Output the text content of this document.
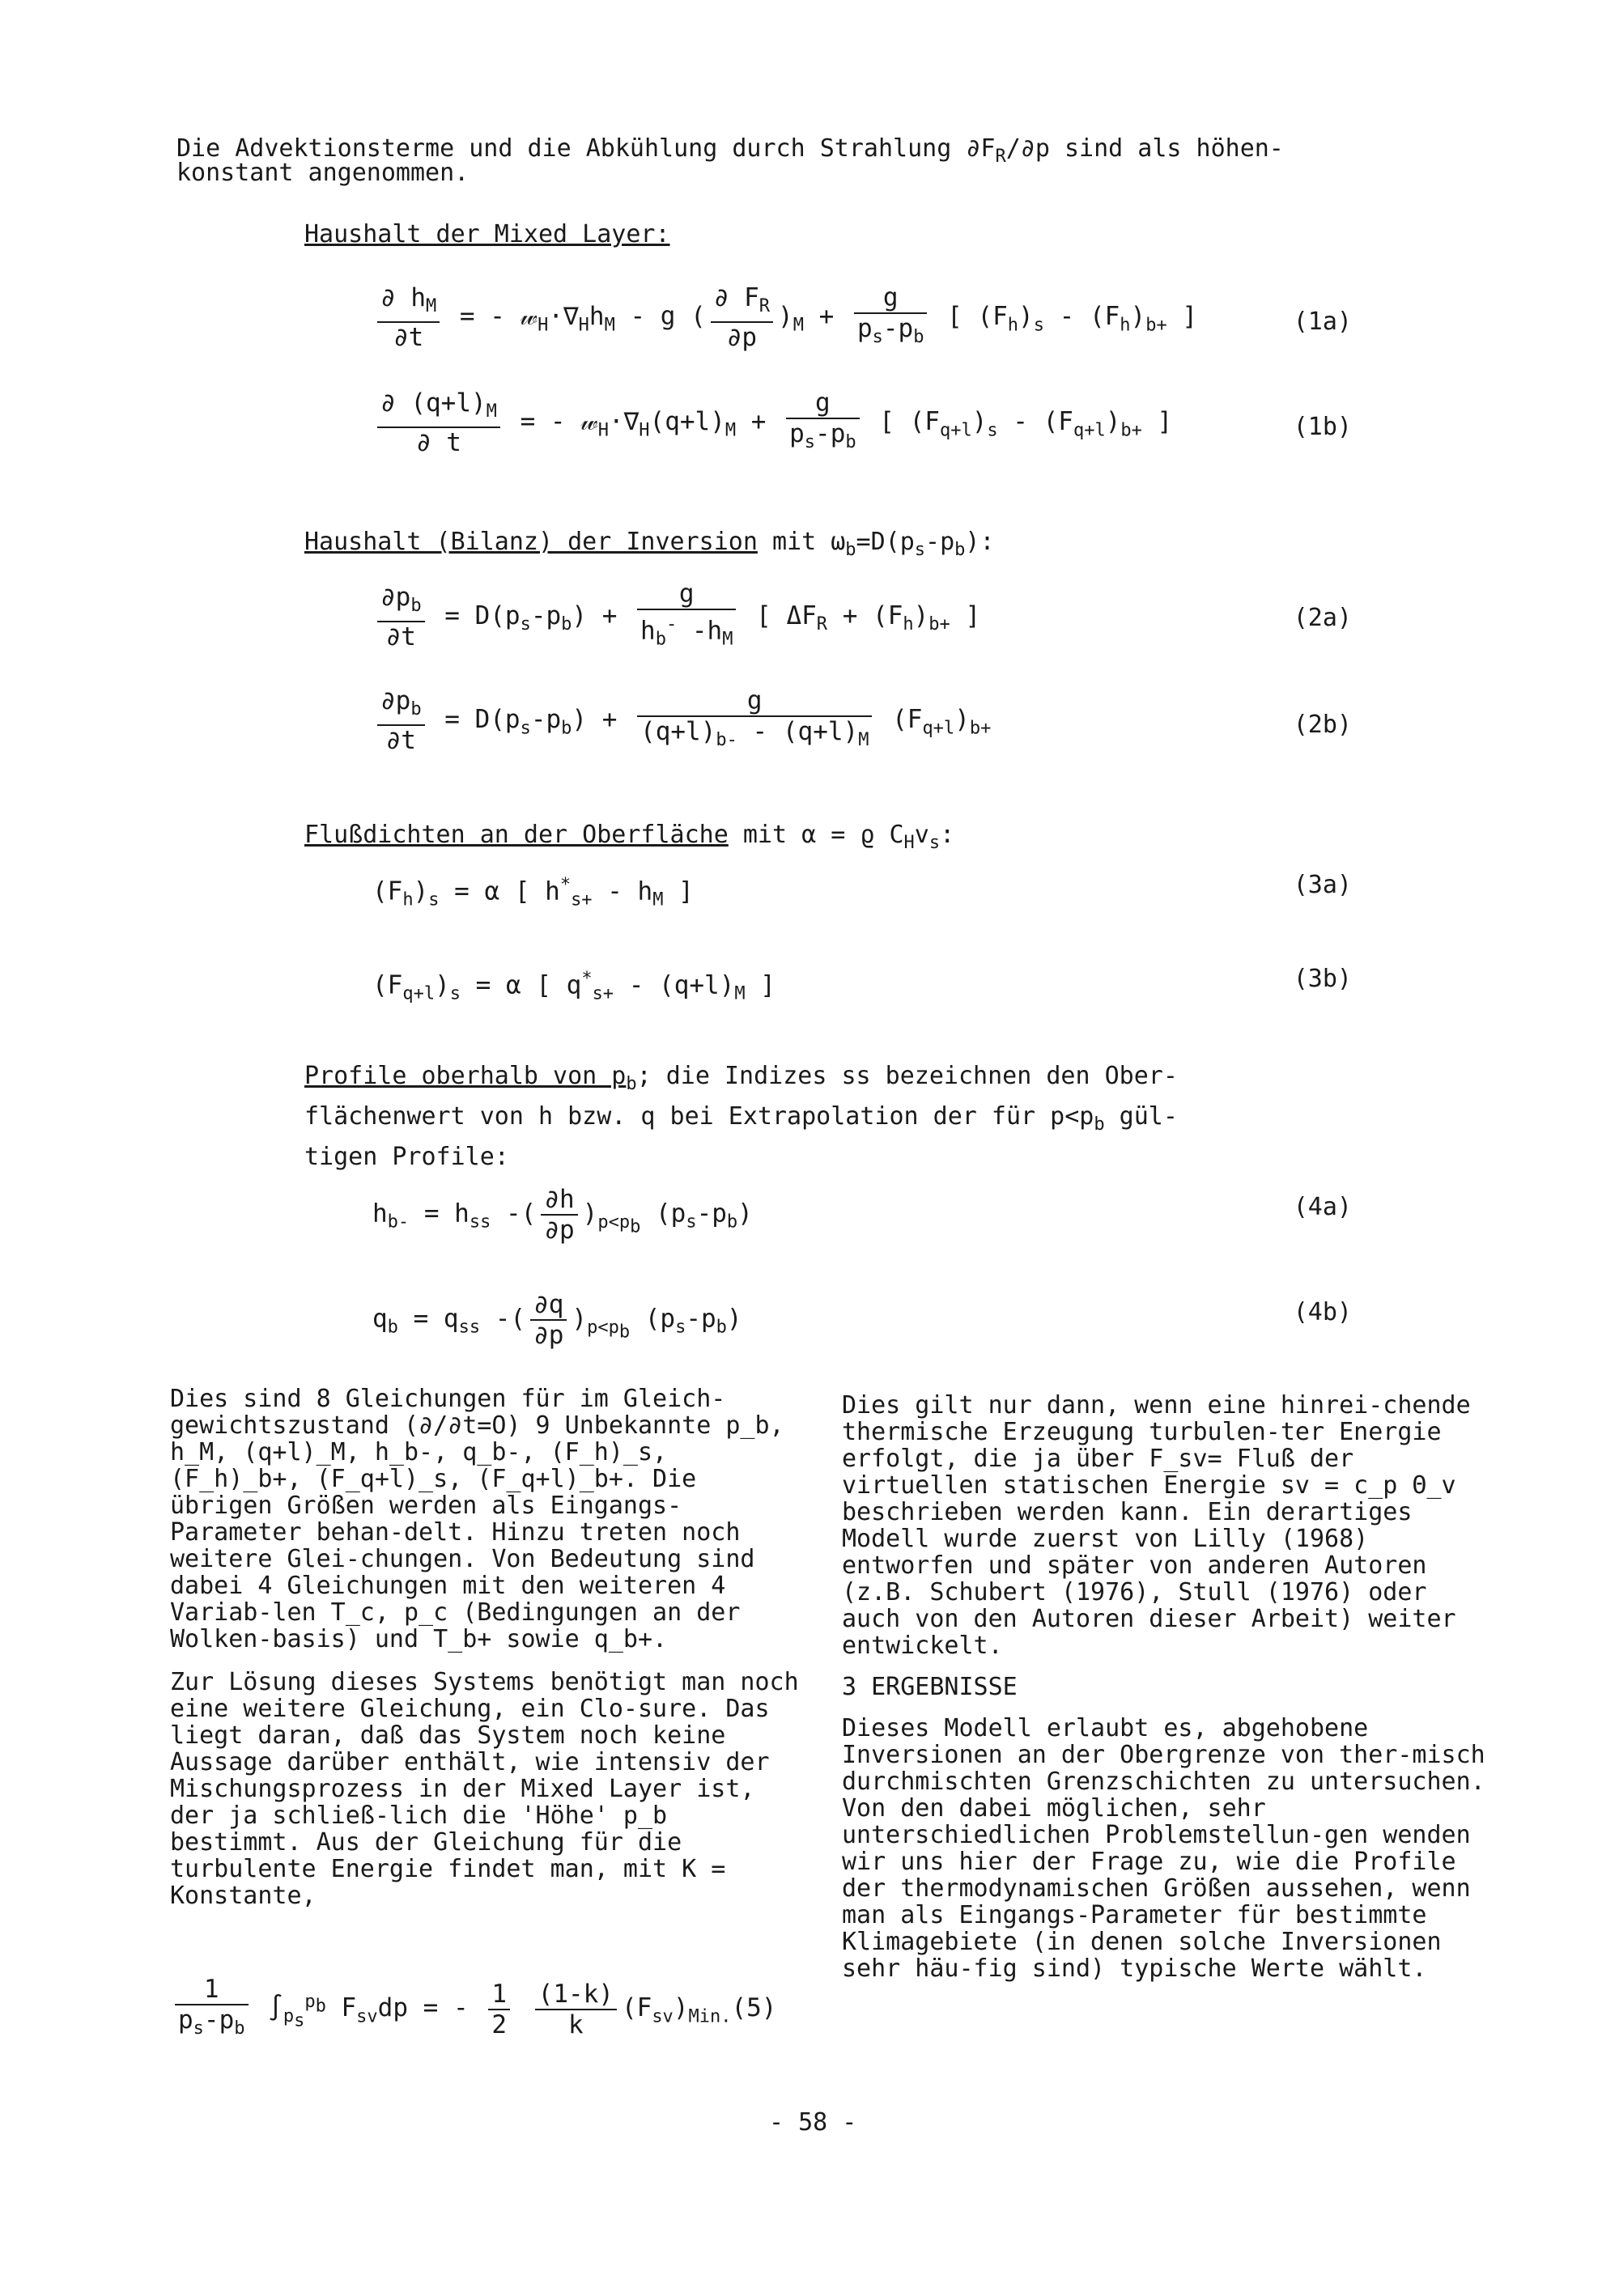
Die Advektionsterme und die Abkühlung durch Strahlung $\partial F_R/\partial p$ sind als höhen-
konstant angenommen.
Haushalt der Mixed Layer:
$\frac{\partial h_M}{\partial t}$ = - $𝓌_H\cdot\nabla_Hh_M - g$ ( $\frac{\partial F_R}{\partial p} )_M + \frac{g}{p_s-p_b}$ [ $(F_h)_s - (F_h)_{b+}$ ]	(1a)
$\frac{\partial (q+l)_M}{\partial t}$ = - $𝓌_H\cdot\nabla_H(q+l)_M + \frac{g}{p_s-p_b}$ [ $(F_{q+l})_s - (F_{q+l})_{b+}$ ]	(1b)
Haushalt (Bilanz) der Inversion mit $\omega_b=D(p_s-p_b)$:
$\frac{\partial p_b}{\partial t} = D(p_s-p_b) + \frac{g}{h_b^- -h_M}$ [ $\Delta F_R + (F_h)_{b+}$ ]	(2a)
$\frac{\partial p_b}{\partial t} = D(p_s-p_b) + \frac{g}{(q+l)_{b-} - (q+l)_M} (F_{q+l})_{b+}$	(2b)
Flußdichten an der Oberfläche mit α = ϱ $C_Hv_s$:
$(F_h)_s = \alpha$ [ $h^*_{s+} - h_M$ ]	(3a)
$(F_{q+l})_s = \alpha$ [ $q^*_{s+} - (q+l)_M$ ]	(3b)
Profile oberhalb von $p_b$; die Indizes ss bezeichnen den Ober-
flächenwert von h bzw. q bei Extrapolation der für $p<p_b$ gül-
tigen Profile:
$h_{b-} = h_{ss}$ -( $\frac{\partial h}{\partial p} )_{p<p_b}$ $(p_s-p_b)$	(4a)
$q_b = q_{ss}$ -( $\frac{\partial q}{\partial p} )_{p<p_b}$ $(p_s-p_b)$	(4b)

Dies sind 8 Gleichungen für im Gleich-gewichtszustand (∂/∂t=O) 9 Unbekannte p_b, h_M, (q+l)_M, h_b-, q_b-, (F_h)_s, (F_h)_b+, (F_q+l)_s, (F_q+l)_b+. Die übrigen Größen werden als Eingangs-Parameter behan-delt. Hinzu treten noch weitere Glei-chungen. Von Bedeutung sind dabei 4 Gleichungen mit den weiteren 4 Variab-len T_c, p_c (Bedingungen an der Wolken-basis) und T_b+ sowie q_b+.

Zur Lösung dieses Systems benötigt man noch eine weitere Gleichung, ein Clo-sure. Das liegt daran, daß das System noch keine Aussage darüber enthält, wie intensiv der Mischungsprozess in der Mixed Layer ist, der ja schließ-lich die 'Höhe' p_b bestimmt. Aus der Gleichung für die turbulente Energie findet man, mit K = Konstante,

$\frac{1}{p_s-p_b} \int_{p_s}^{p_b}$ $F_{sv}dp$ = - $\frac{1}{2}$
$\frac{(1-k)}{k} (F_{sv})_{Min.}(5)$

Dies gilt nur dann, wenn eine hinrei-chende thermische Erzeugung turbulen-ter Energie erfolgt, die ja über F_sv= Fluß der virtuellen statischen Energie sv = c_p Θ_v beschrieben werden kann. Ein derartiges Modell wurde zuerst von Lilly (1968) entworfen und später von anderen Autoren (z.B. Schubert (1976), Stull (1976) oder auch von den Autoren dieser Arbeit) weiter entwickelt.

3 ERGEBNISSE

Dieses Modell erlaubt es, abgehobene Inversionen an der Obergrenze von ther-misch durchmischten Grenzschichten zu untersuchen. Von den dabei möglichen, sehr unterschiedlichen Problemstellun-gen wenden wir uns hier der Frage zu, wie die Profile der thermodynamischen Größen aussehen, wenn man als Eingangs-Parameter für bestimmte Klimagebiete (in denen solche Inversionen sehr häu-fig sind) typische Werte wählt.

- 58 -
